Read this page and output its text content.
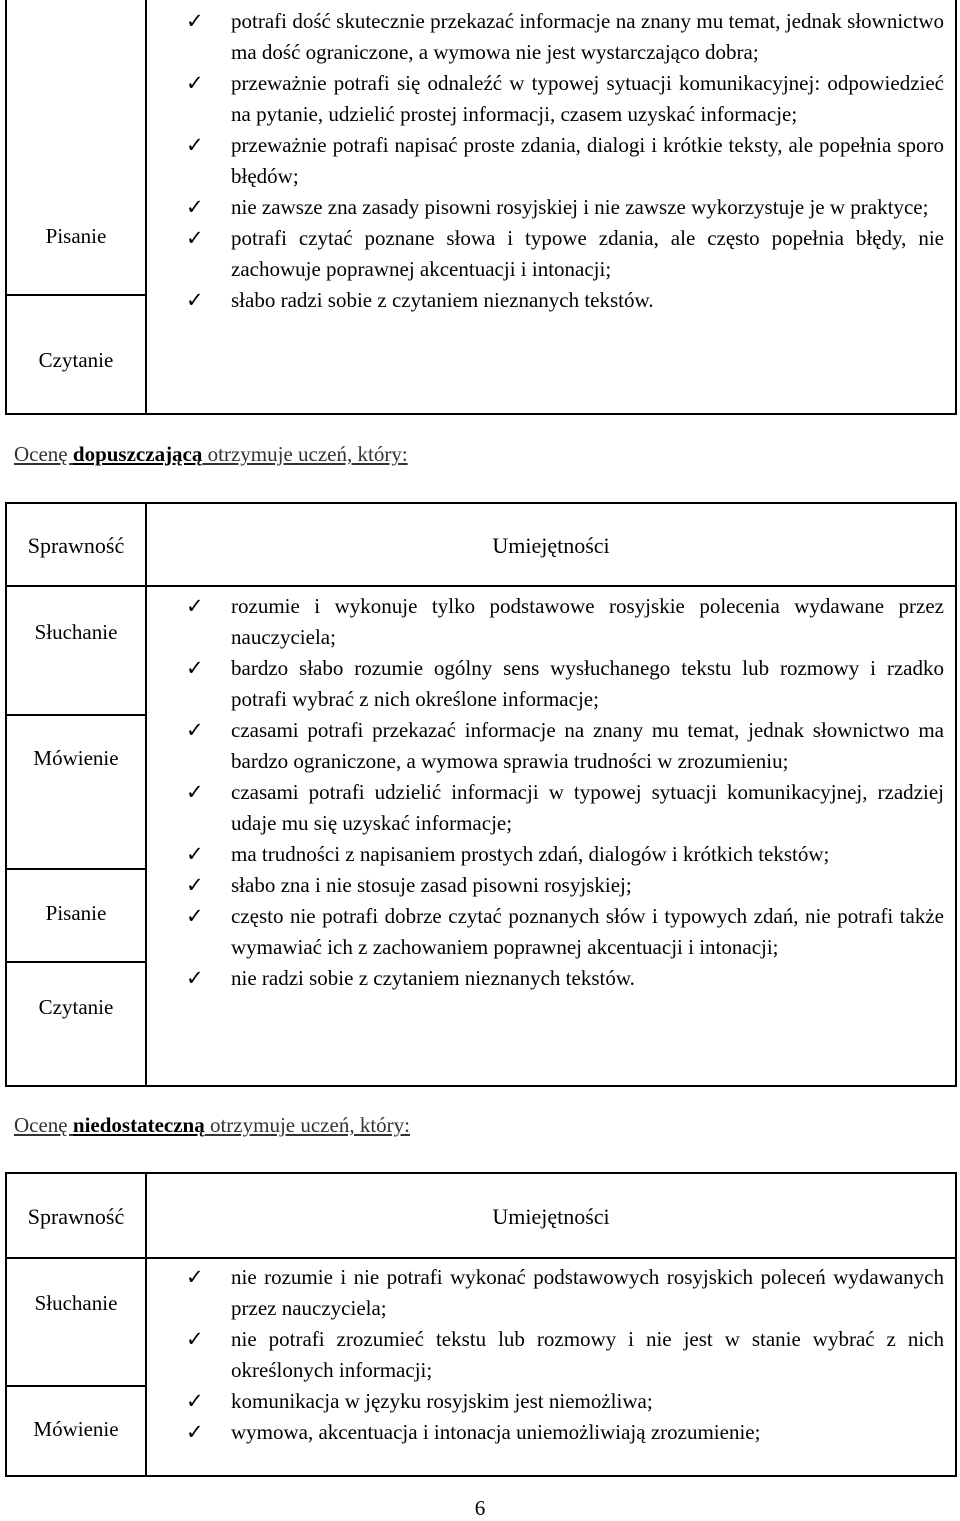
Pisanie
Czytanie
✓ potrafi dość skutecznie przekazać informacje na znany mu temat, jednak słownictwo ma dość ograniczone, a wymowa nie jest wystarczająco dobra;
✓ przeważnie potrafi się odnaleźć w typowej sytuacji komunikacyjnej: odpowiedzieć na pytanie, udzielić prostej informacji, czasem uzyskać informacje;
✓ przeważnie potrafi napisać proste zdania, dialogi i krótkie teksty, ale popełnia sporo błędów;
✓ nie zawsze zna zasady pisowni rosyjskiej i nie zawsze wykorzystuje je w praktyce;
✓ potrafi czytać poznane słowa i typowe zdania, ale często popełnia błędy, nie zachowuje poprawnej akcentuacji i intonacji;
✓ słabo radzi sobie z czytaniem nieznanych tekstów.
Ocenę dopuszczającą otrzymuje uczeń, który:
Sprawność	Umiejętności
Słuchanie
Mówienie
Pisanie
Czytanie
✓ rozumie i wykonuje tylko podstawowe rosyjskie polecenia wydawane przez nauczyciela;
✓ bardzo słabo rozumie ogólny sens wysłuchanego tekstu lub rozmowy i rzadko potrafi wybrać z nich określone informacje;
✓ czasami potrafi przekazać informacje na znany mu temat, jednak słownictwo ma bardzo ograniczone, a wymowa sprawia trudności w zrozumieniu;
✓ czasami potrafi udzielić informacji w typowej sytuacji komunikacyjnej, rzadziej udaje mu się uzyskać informacje;
✓ ma trudności z napisaniem prostych zdań, dialogów i krótkich tekstów;
✓ słabo zna i nie stosuje zasad pisowni rosyjskiej;
✓ często nie potrafi dobrze czytać poznanych słów i typowych zdań, nie potrafi także wymawiać ich z zachowaniem poprawnej akcentuacji i intonacji;
✓ nie radzi sobie z czytaniem nieznanych tekstów.
Ocenę niedostateczną otrzymuje uczeń, który:
Sprawność	Umiejętności
Słuchanie
Mówienie
✓ nie rozumie i nie potrafi wykonać podstawowych rosyjskich poleceń wydawanych przez nauczyciela;
✓ nie potrafi zrozumieć tekstu lub rozmowy i nie jest w stanie wybrać z nich określonych informacji;
✓ komunikacja w języku rosyjskim jest niemożliwa;
✓ wymowa, akcentuacja i intonacja uniemożliwiają zrozumienie;
6
